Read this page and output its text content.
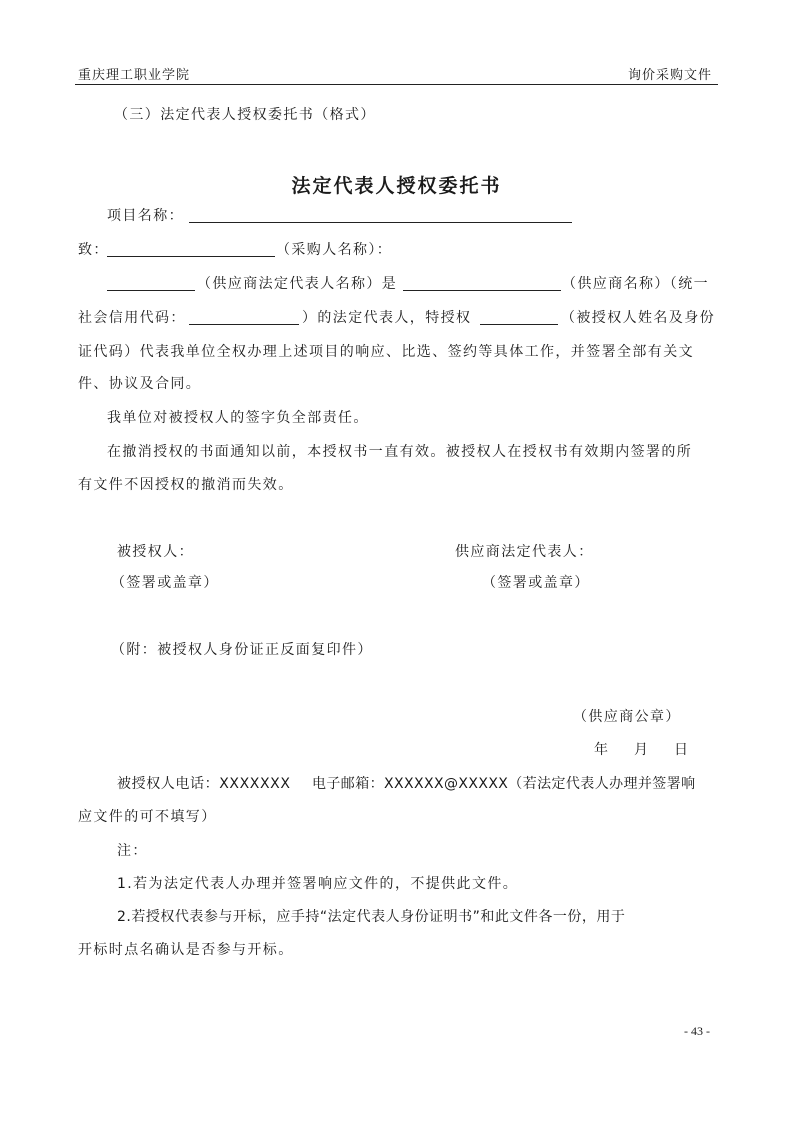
重庆理工职业学院	询价采购文件
（三）法定代表人授权委托书（格式）
法定代表人授权委托书
项目名称：
致：	（采购人名称）：
（供应商法定代表人名称）是	（供应商名称）（统一
社会信用代码：	）的法定代表人，特授权	（被授权人姓名及身份
证代码）代表我单位全权办理上述项目的响应、比选、签约等具体工作，并签署全部有关文
件、协议及合同。
我单位对被授权人的签字负全部责任。
在撤消授权的书面通知以前，本授权书一直有效。被授权人在授权书有效期内签署的所
有文件不因授权的撤消而失效。
被授权人：	供应商法定代表人：
（签署或盖章）	（签署或盖章）
（附：被授权人身份证正反面复印件）
（供应商公章）
年 月 日
被授权人电话：XXXXXXX 电子邮箱：XXXXXX@XXXXX（若法定代表人办理并签署响
应文件的可不填写）
注：
1.若为法定代表人办理并签署响应文件的，不提供此文件。
2.若授权代表参与开标，应手持“法定代表人身份证明书”和此文件各一份，用于
开标时点名确认是否参与开标。
- 43 -
